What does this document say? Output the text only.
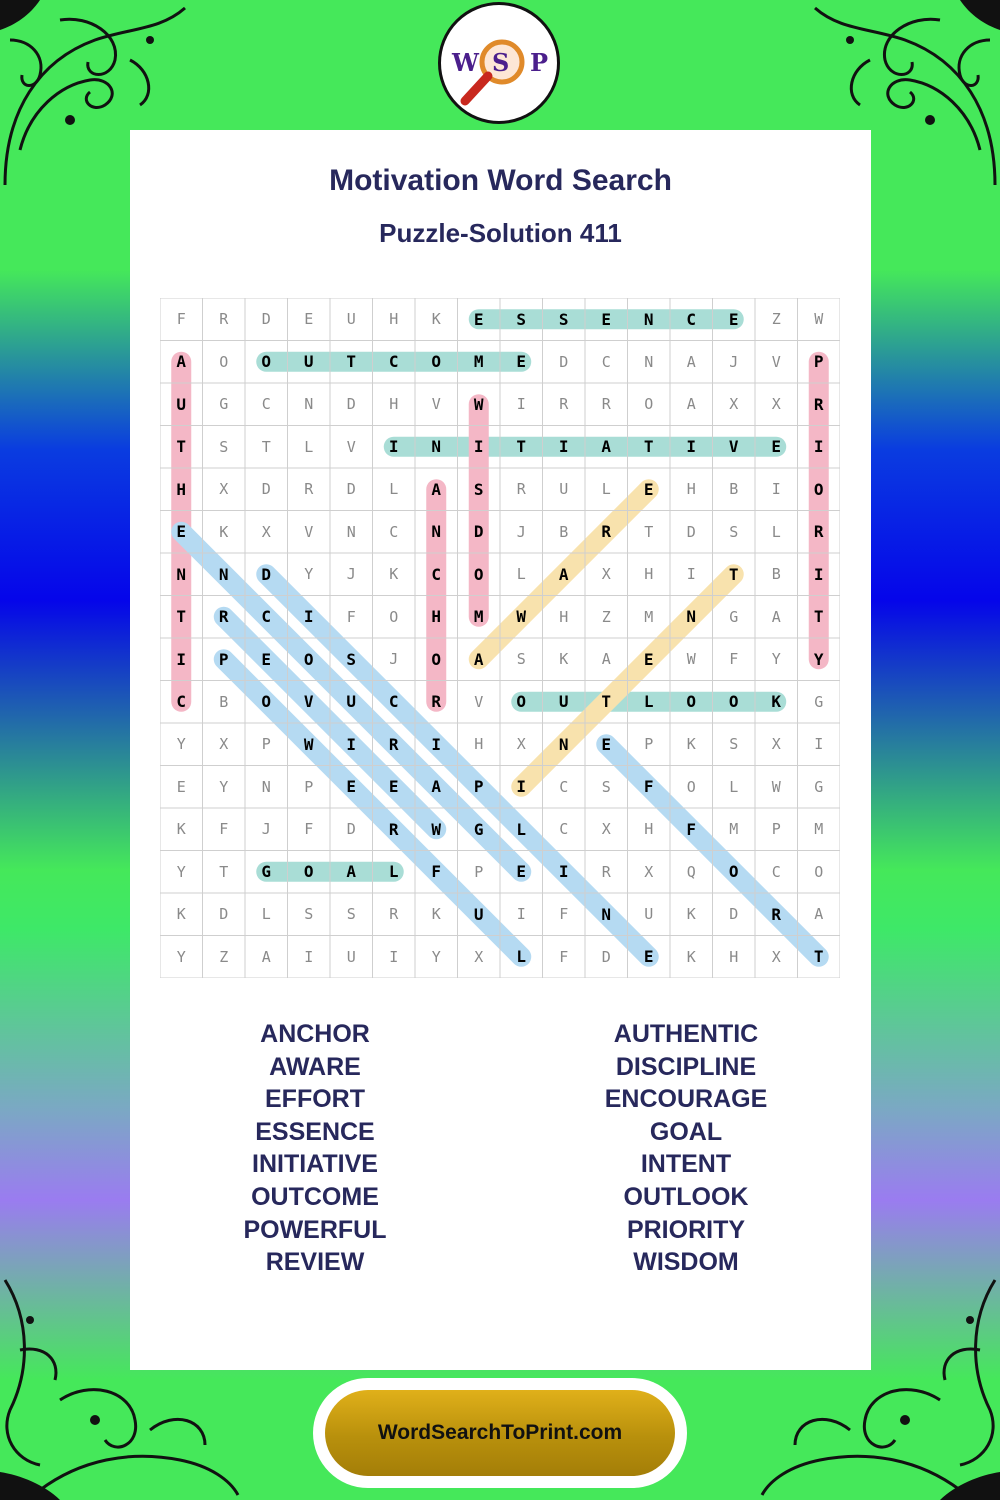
W S P
Motivation Word Search
Puzzle-Solution 411
F	R	D	E	U	H	K	E	S	S	E	N	C	E	Z	W
A	O	O	U	T	C	O	M	E	D	C	N	A	J	V	P
U	G	C	N	D	H	V	W	I	R	R	O	A	X	X	R
T	S	T	L	V	I	N	I	T	I	A	T	I	V	E	I
H	X	D	R	D	L	A	S	R	U	L	E	H	B	I	O
E	K	X	V	N	C	N	D	J	B	R	T	D	S	L	R
N	N	D	Y	J	K	C	O	L	A	X	H	I	T	B	I
T	R	C	I	F	O	H	M	W	H	Z	M	N	G	A	T
I	P	E	O	S	J	O	A	S	K	A	E	W	F	Y	Y
C	B	O	V	U	C	R	V	O	U	T	L	O	O	K	G
Y	X	P	W	I	R	I	H	X	N	E	P	K	S	X	I
E	Y	N	P	E	E	A	P	I	C	S	F	O	L	W	G
K	F	J	F	D	R	W	G	L	C	X	H	F	M	P	M
Y	T	G	O	A	L	F	P	E	I	R	X	Q	O	C	O
K	D	L	S	S	R	K	U	I	F	N	U	K	D	R	A
Y	Z	A	I	U	I	Y	X	L	F	D	E	K	H	X	T
ANCHOR
AWARE
EFFORT
ESSENCE
INITIATIVE
OUTCOME
POWERFUL
REVIEW
AUTHENTIC
DISCIPLINE
ENCOURAGE
GOAL
INTENT
OUTLOOK
PRIORITY
WISDOM
WordSearchToPrint.com
